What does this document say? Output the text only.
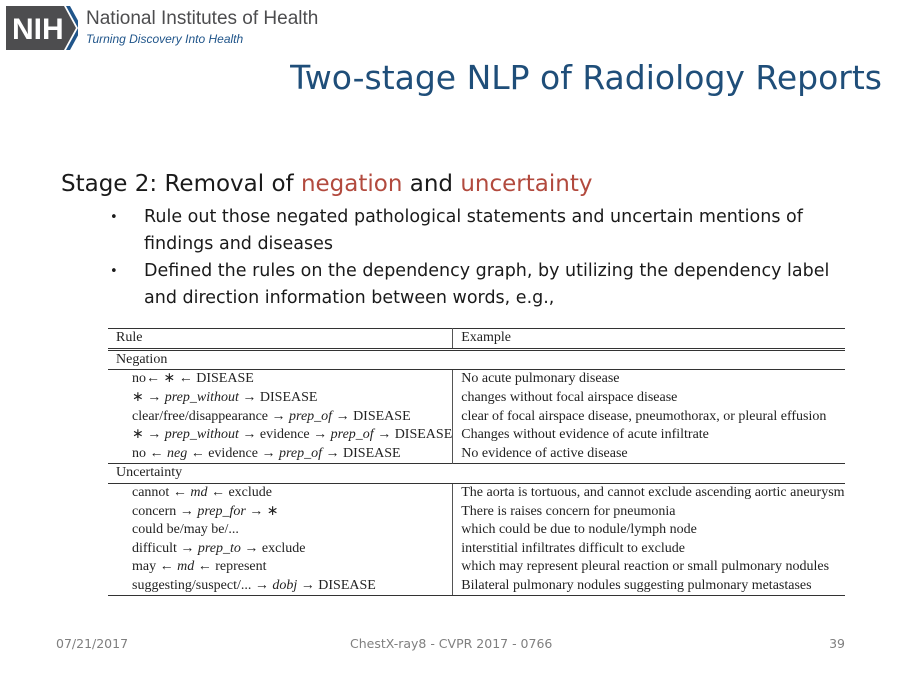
NIH National Institutes of Health
Turning Discovery Into Health
Two-stage NLP of Radiology Reports
Stage 2: Removal of negation and uncertainty
•	Rule out those negated pathological statements and uncertain mentions of findings and diseases
•	Defined the rules on the dependency graph, by utilizing the dependency label and direction information between words, e.g.,
Rule	Example
Negation	
no← ∗ ← DISEASE	No acute pulmonary disease
∗ → prep_without → DISEASE	changes without focal airspace disease
clear/free/disappearance → prep_of → DISEASE	clear of focal airspace disease, pneumothorax, or pleural effusion
∗ → prep_without → evidence → prep_of → DISEASE	Changes without evidence of acute infiltrate
no ← neg ← evidence → prep_of → DISEASE	No evidence of active disease
Uncertainty	
cannot ← md ← exclude	The aorta is tortuous, and cannot exclude ascending aortic aneurysm
concern → prep_for → ∗	There is raises concern for pneumonia
could be/may be/...	which could be due to nodule/lymph node
difficult → prep_to → exclude	interstitial infiltrates difficult to exclude
may ← md ← represent	which may represent pleural reaction or small pulmonary nodules
suggesting/suspect/... → dobj → DISEASE	Bilateral pulmonary nodules suggesting pulmonary metastases
07/21/2017	ChestX-ray8 - CVPR 2017 - 0766	39
